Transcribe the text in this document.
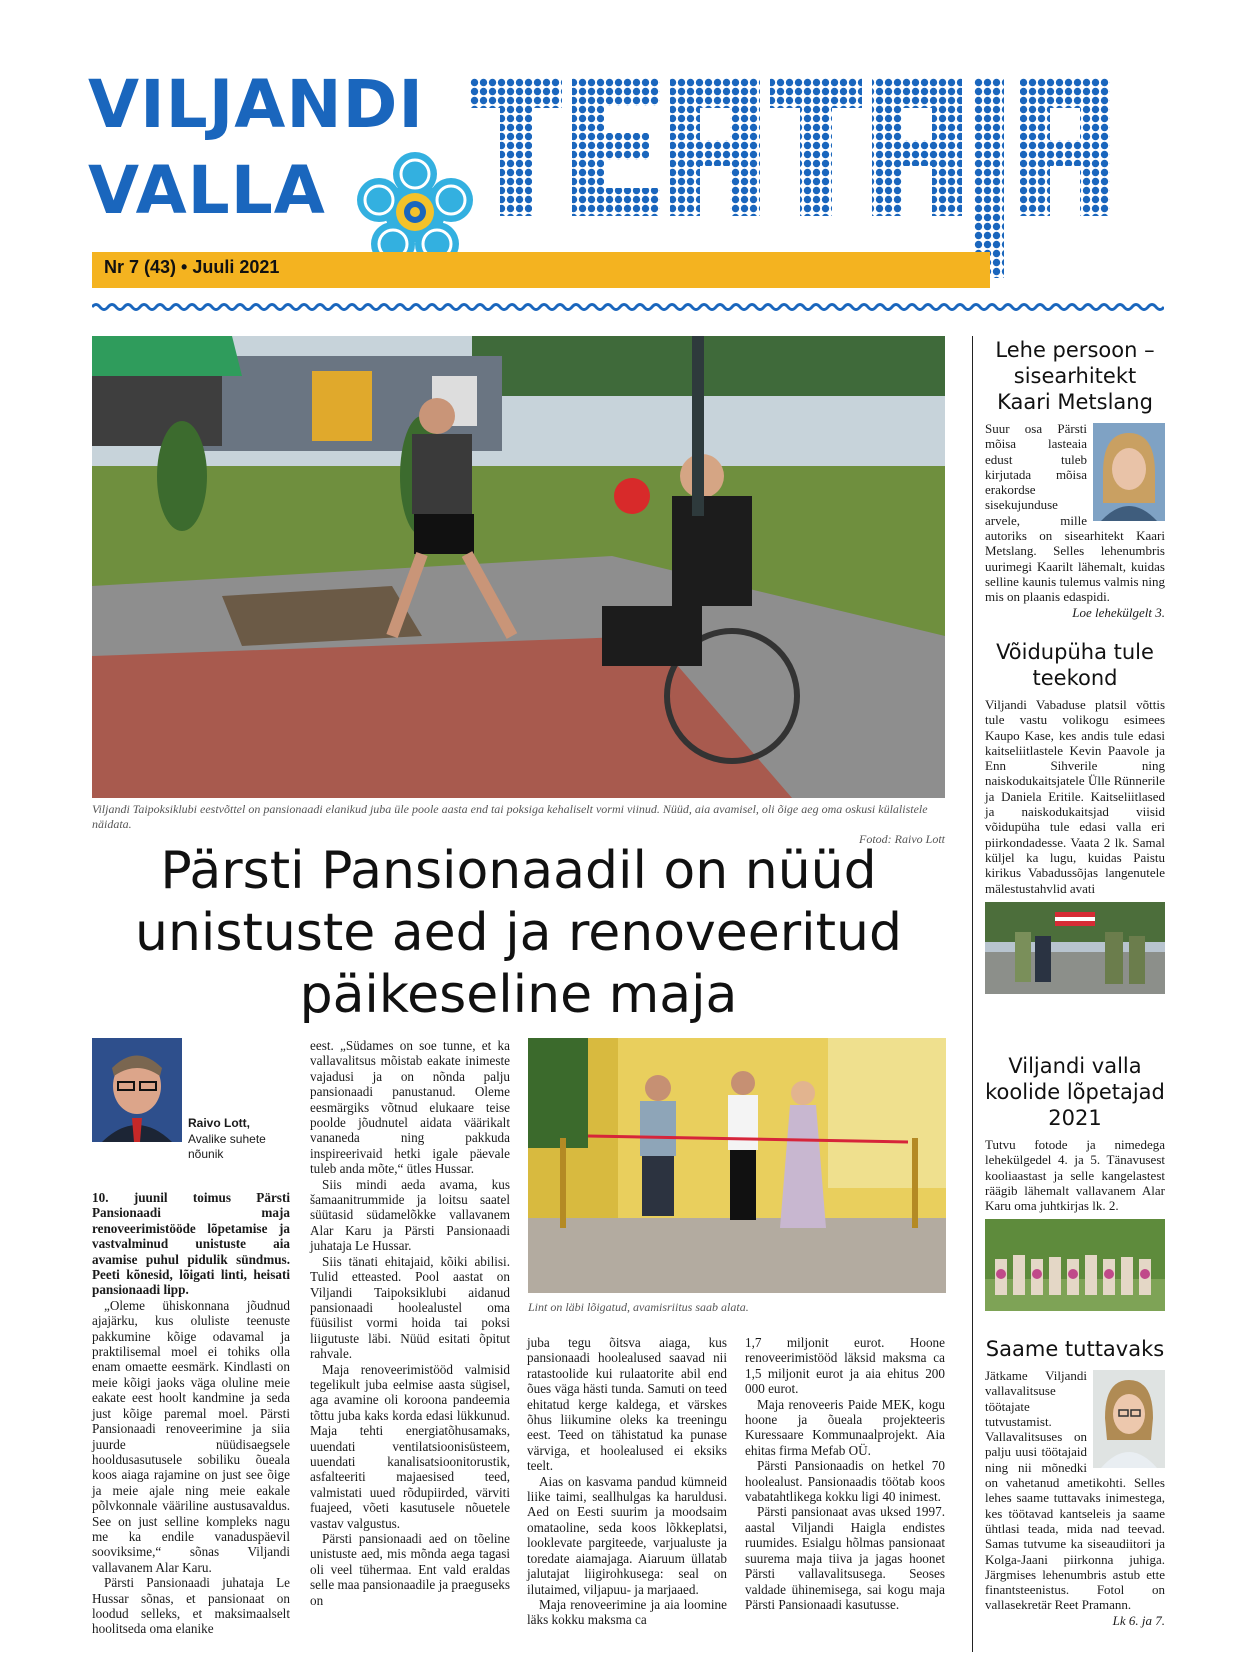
VILJANDI
VALLA
Nr 7 (43) • Juuli 2021
Viljandi Taipoksiklubi eestvõttel on pansionaadi elanikud juba üle poole aasta end tai poksiga kehaliselt vormi viinud. Nüüd, aia avamisel, oli õige aeg oma oskusi külalistele näidata.
Fotod: Raivo Lott
Pärsti Pansionaadil on nüüd
unistuste aed ja renoveeritud
päikeseline maja
Raivo Lott,
Avalike suhete nõunik

10. juunil toimus Pärsti Pansionaadi maja renoveerimistööde lõpetamise ja vastvalminud unistuste aia avamise puhul pidulik sündmus. Peeti kõnesid, lõigati linti, heisati pansionaadi lipp.

„Oleme ühiskonnana jõudnud ajajärku, kus oluliste teenuste pakkumine kõige odavamal ja praktilisemal moel ei tohiks olla enam omaette eesmärk. Kindlasti on meie kõigi jaoks väga oluline meie eakate eest hoolt kandmine ja seda just kõige paremal moel. Pärsti Pansionaadi renoveerimine ja siia juurde nüüdisaegsele hooldusasutusele sobiliku õueala koos aiaga rajamine on just see õige ja meie ajale ning meie eakale põlvkonnale vääriline austusavaldus. See on just selline kompleks nagu me ka endile vanaduspäevil sooviksime,“ sõnas Viljandi vallavanem Alar Karu.

Pärsti Pansionaadi juhataja Le Hussar sõnas, et pansionaat on loodud selleks, et maksimaalselt hoolitseda oma elanike

eest. „Südames on soe tunne, et ka vallavalitsus mõistab eakate inimeste vajadusi ja on nõnda palju pansionaadi panustanud. Oleme eesmärgiks võtnud elukaare teise poolde jõudnutel aidata väärikalt vananeda ning pakkuda inspireerivaid hetki igale päevale tuleb anda mõte,“ ütles Hussar.

Siis mindi aeda avama, kus šamaanitrummide ja loitsu saatel süütasid südamelõkke vallavanem Alar Karu ja Pärsti Pansionaadi juhataja Le Hussar.

Siis tänati ehitajaid, kõiki abilisi. Tulid etteasted. Pool aastat on Viljandi Taipoksiklubi aidanud pansionaadi hoolealustel oma füüsilist vormi hoida tai poksi liigutuste läbi. Nüüd esitati õpitut rahvale.

Maja renoveerimistööd valmisid tegelikult juba eelmise aasta sügisel, aga avamine oli koroona pandeemia tõttu juba kaks korda edasi lükkunud. Maja tehti energiatõhusamaks, uuendati ventilatsioonisüsteem, uuendati kanalisatsioonitorustik, asfalteeriti majaesised teed, valmistati uued rõdupiirded, värviti fuajeed, võeti kasutusele nõuetele vastav valgustus.

Pärsti pansionaadi aed on tõeline unistuste aed, mis mõnda aega tagasi oli veel tühermaa. Ent vald eraldas selle maa pansionaadile ja praeguseks on

Lint on läbi lõigatud, avamisriitus saab alata.

juba tegu õitsva aiaga, kus pansionaadi hoolealused saavad nii ratastoolide kui rulaatorite abil end õues väga hästi tunda. Samuti on teed ehitatud kerge kaldega, et värskes õhus liikumine oleks ka treeningu eest. Teed on tähistatud ka punase värviga, et hoolealused ei eksiks teelt.

Aias on kasvama pandud kümneid liike taimi, seallhulgas ka haruldusi. Aed on Eesti suurim ja moodsaim omataoline, seda koos lõkkeplatsi, looklevate pargiteede, varjualuste ja toredate aiamajaga. Aiaruum üllatab jalutajat liigirohkusega: seal on ilutaimed, viljapuu- ja marjaaed.

Maja renoveerimine ja aia loomine läks kokku maksma ca

1,7 miljonit eurot. Hoone renoveerimistööd läksid maksma ca 1,5 miljonit eurot ja aia ehitus 200 000 eurot.

Maja renoveeris Paide MEK, kogu hoone ja õueala projekteeris Kuressaare Kommunaalprojekt. Aia ehitas firma Mefab OÜ.

Pärsti Pansionaadis on hetkel 70 hoolealust. Pansionaadis töötab koos vabatahtlikega kokku ligi 40 inimest.

Pärsti pansionaat avas uksed 1997. aastal Viljandi Haigla endistes ruumides. Esialgu hõlmas pansionaat suurema maja tiiva ja jagas hoonet Pärsti vallavalitsusega. Seoses valdade ühinemisega, sai kogu maja Pärsti Pansionaadi kasutusse.

Lehe persoon – sisearhitekt Kaari Metslang
Suur osa Pärsti mõisa lasteaia edust tuleb kirjutada mõisa erakordse sisekujunduse arvele, mille autoriks on sisearhitekt Kaari Metslang. Selles lehenumbris uurimegi Kaarilt lähemalt, kuidas selline kaunis tulemus valmis ning mis on plaanis edaspidi.
Loe lehekülgelt 3.
Võidupüha tule teekond
Viljandi Vabaduse platsil võttis tule vastu volikogu esimees Kaupo Kase, kes andis tule edasi kaitseliitlastele Kevin Paavole ja Enn Sihverile ning naiskodukaitsjatele Ülle Rünnerile ja Daniela Eritile. Kaitseliitlased ja naiskodukaitsjad viisid võidupüha tule edasi valla eri piirkondadesse. Vaata 2 lk. Samal küljel ka lugu, kuidas Paistu kirikus Vabadussõjas langenutele mälestustahvlid avati
Viljandi valla koolide lõpetajad 2021
Tutvu fotode ja nimedega lehekülgedel 4. ja 5. Tänavusest kooliaastast ja selle kangelastest räägib lähemalt vallavanem Alar Karu oma juhtkirjas lk. 2.
Saame tuttavaks
Jätkame Viljandi vallavalitsuse töötajate tutvustamist. Vallavalitsuses on palju uusi töötajaid ning nii mõnedki on vahetanud ametikohti. Selles lehes saame tuttavaks inimestega, kes töötavad kantseleis ja saame ühtlasi teada, mida nad teevad. Samas tutvume ka siseaudiitori ja Kolga-Jaani piirkonna juhiga. Järgmises lehenumbris astub ette finantsteenistus. Fotol on vallasekretär Reet Pramann.
Lk 6. ja 7.
